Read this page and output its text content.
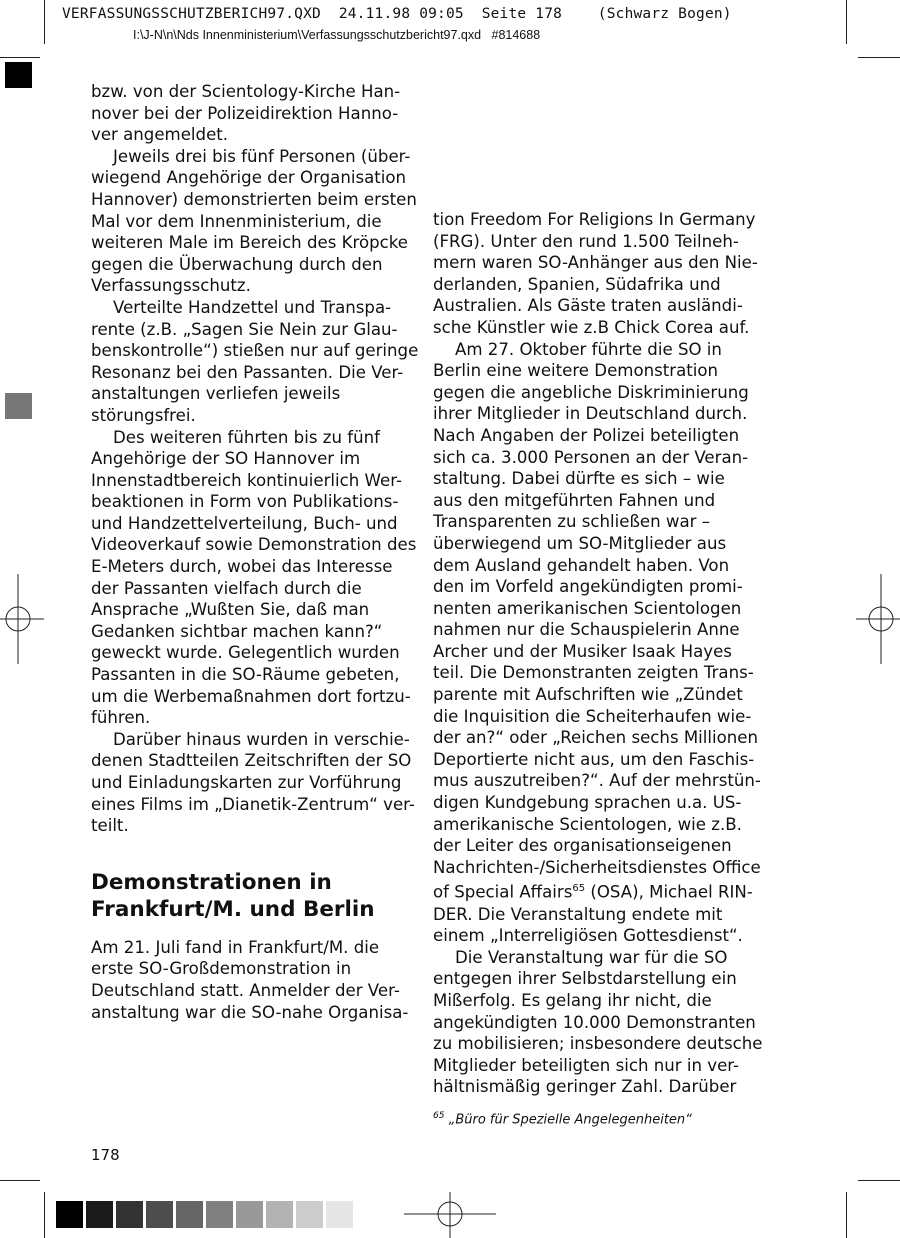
VERFASSUNGSSCHUTZBERICH97.QXD  24.11.98 09:05  Seite 178    (Schwarz Bogen)
I:\J-N\n\Nds Innenministerium\Verfassungsschutzbericht97.qxd   #814688
bzw. von der Scientology-Kirche Han-
nover bei der Polizeidirektion Hanno-
ver angemeldet.
Jeweils drei bis fünf Personen (über-
wiegend Angehörige der Organisation
Hannover) demonstrierten beim ersten
Mal vor dem Innenministerium, die
weiteren Male im Bereich des Kröpcke
gegen die Überwachung durch den
Verfassungsschutz.
Verteilte Handzettel und Transpa-
rente (z.B. „Sagen Sie Nein zur Glau-
benskontrolle“) stießen nur auf geringe
Resonanz bei den Passanten. Die Ver-
anstaltungen verliefen jeweils
störungsfrei.
Des weiteren führten bis zu fünf
Angehörige der SO Hannover im
Innenstadtbereich kontinuierlich Wer-
beaktionen in Form von Publikations-
und Handzettelverteilung, Buch- und
Videoverkauf sowie Demonstration des
E-Meters durch, wobei das Interesse
der Passanten vielfach durch die
Ansprache „Wußten Sie, daß man
Gedanken sichtbar machen kann?“
geweckt wurde. Gelegentlich wurden
Passanten in die SO-Räume gebeten,
um die Werbemaßnahmen dort fortzu-
führen.
Darüber hinaus wurden in verschie-
denen Stadtteilen Zeitschriften der SO
und Einladungskarten zur Vorführung
eines Films im „Dianetik-Zentrum“ ver-
teilt.
Demonstrationen in
Frankfurt/M. und Berlin
Am 21. Juli fand in Frankfurt/M. die
erste SO-Großdemonstration in
Deutschland statt. Anmelder der Ver-
anstaltung war die SO-nahe Organisa-
tion Freedom For Religions In Germany
(FRG). Unter den rund 1.500 Teilneh-
mern waren SO-Anhänger aus den Nie-
derlanden, Spanien, Südafrika und
Australien. Als Gäste traten ausländi-
sche Künstler wie z.B Chick Corea auf.
Am 27. Oktober führte die SO in
Berlin eine weitere Demonstration
gegen die angebliche Diskriminierung
ihrer Mitglieder in Deutschland durch.
Nach Angaben der Polizei beteiligten
sich ca. 3.000 Personen an der Veran-
staltung. Dabei dürfte es sich – wie
aus den mitgeführten Fahnen und
Transparenten zu schließen war –
überwiegend um SO-Mitglieder aus
dem Ausland gehandelt haben. Von
den im Vorfeld angekündigten promi-
nenten amerikanischen Scientologen
nahmen nur die Schauspielerin Anne
Archer und der Musiker Isaak Hayes
teil. Die Demonstranten zeigten Trans-
parente mit Aufschriften wie „Zündet
die Inquisition die Scheiterhaufen wie-
der an?“ oder „Reichen sechs Millionen
Deportierte nicht aus, um den Faschis-
mus auszutreiben?“. Auf der mehrstün-
digen Kundgebung sprachen u.a. US-
amerikanische Scientologen, wie z.B.
der Leiter des organisationseigenen
Nachrichten-/Sicherheitsdienstes Office
of Special Affairs$^{65}$ (OSA), Michael RIN-
DER. Die Veranstaltung endete mit
einem „Interreligiösen Gottesdienst“.
Die Veranstaltung war für die SO
entgegen ihrer Selbstdarstellung ein
Mißerfolg. Es gelang ihr nicht, die
angekündigten 10.000 Demonstranten
zu mobilisieren; insbesondere deutsche
Mitglieder beteiligten sich nur in ver-
hältnismäßig geringer Zahl. Darüber
$^{65}$ „Büro für Spezielle Angelegenheiten“
178
